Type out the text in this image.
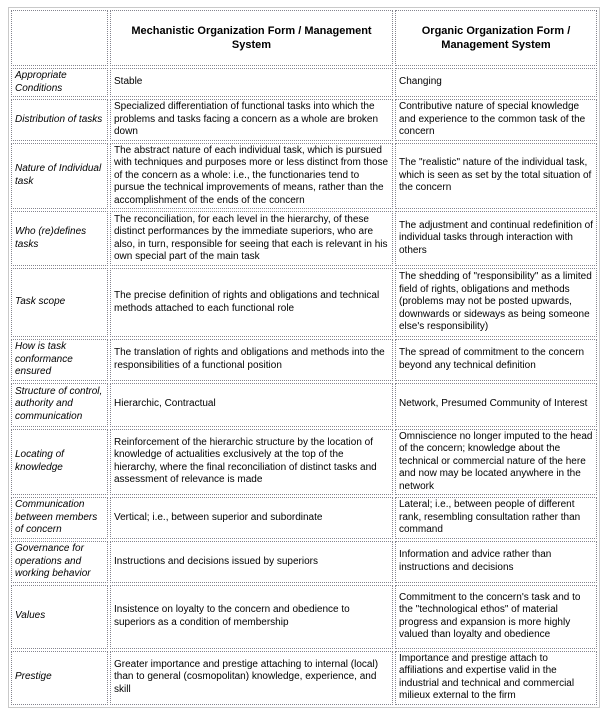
	Mechanistic Organization Form / Management System	Organic Organization Form / Management System
Appropriate Conditions	Stable	Changing
Distribution of tasks	Specialized differentiation of functional tasks into which the problems and tasks facing a concern as a whole are broken down	Contributive nature of special knowledge and experience to the common task of the concern
Nature of Individual task	The abstract nature of each individual task, which is pursued with techniques and purposes more or less distinct from those of the concern as a whole: i.e., the functionaries tend to pursue the technical improvements of means, rather than the accomplishment of the ends of the concern	The "realistic" nature of the individual task, which is seen as set by the total situation of the concern
Who (re)defines tasks	The reconciliation, for each level in the hierarchy, of these distinct performances by the immediate superiors, who are also, in turn, responsible for seeing that each is relevant in his own special part of the main task	The adjustment and continual redefinition of individual tasks through interaction with others
Task scope	The precise definition of rights and obligations and technical methods attached to each functional role	The shedding of "responsibility" as a limited field of rights, obligations and methods (problems may not be posted upwards, downwards or sideways as being someone else's responsibility)
How is task conformance ensured	The translation of rights and obligations and methods into the responsibilities of a functional position	The spread of commitment to the concern beyond any technical definition
Structure of control, authority and communication	Hierarchic, Contractual	Network, Presumed Community of Interest
Locating of knowledge	Reinforcement of the hierarchic structure by the location of knowledge of actualities exclusively at the top of the hierarchy, where the final reconciliation of distinct tasks and assessment of relevance is made	Omniscience no longer imputed to the head of the concern; knowledge about the technical or commercial nature of the here and now may be located anywhere in the network
Communication between members of concern	Vertical; i.e., between superior and subordinate	Lateral; i.e., between people of different rank, resembling consultation rather than command
Governance for operations and working behavior	Instructions and decisions issued by superiors	Information and advice rather than instructions and decisions
Values	Insistence on loyalty to the concern and obedience to superiors as a condition of membership	Commitment to the concern's task and to the "technological ethos" of material progress and expansion is more highly valued than loyalty and obedience
Prestige	Greater importance and prestige attaching to internal (local) than to general (cosmopolitan) knowledge, experience, and skill	Importance and prestige attach to affiliations and expertise valid in the industrial and technical and commercial milieux external to the firm
